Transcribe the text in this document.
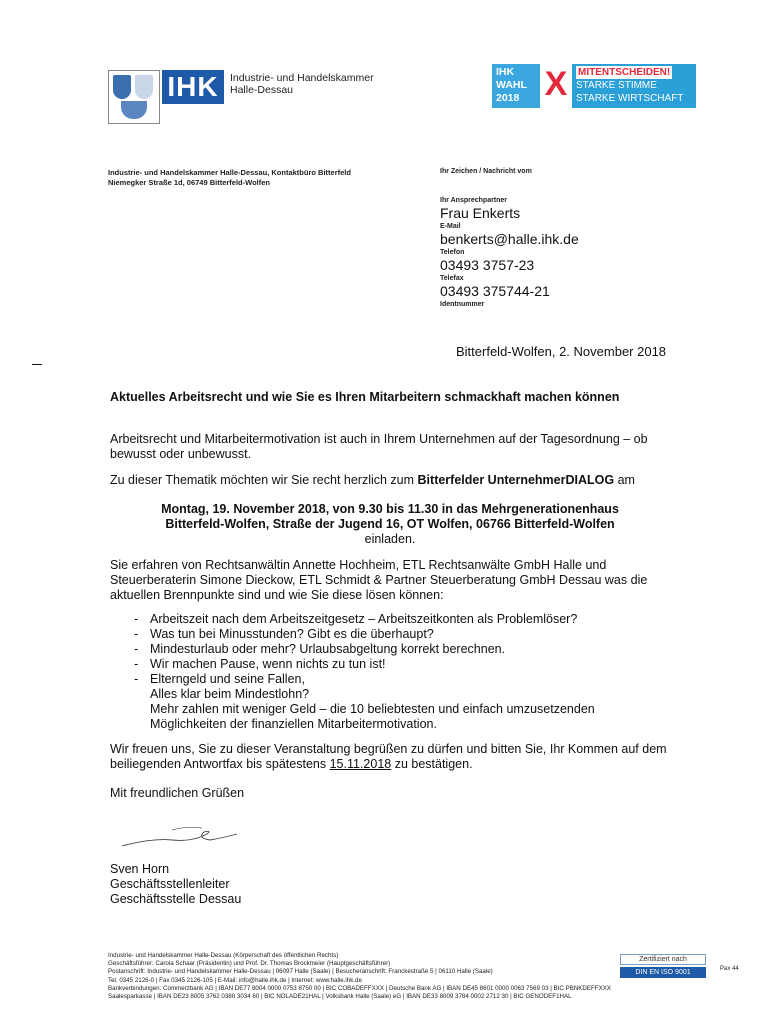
IHK	Industrie- und Handelskammer
Halle-Dessau
IHK
WAHL
2018 X MITENTSCHEIDEN!
STARKE STIMME
STARKE WIRTSCHAFT
Industrie- und Handelskammer Halle-Dessau, Kontaktbüro Bitterfeld
Niemegker Straße 1d, 06749 Bitterfeld-Wolfen
Ihr Zeichen / Nachricht vom
Ihr Ansprechpartner
Frau Enkerts
E-Mail
benkerts@halle.ihk.de
Telefon
03493 3757-23
Telefax
03493 375744-21
Identnummer
Bitterfeld-Wolfen, 2. November 2018
Aktuelles Arbeitsrecht und wie Sie es Ihren Mitarbeitern schmackhaft machen können
Arbeitsrecht und Mitarbeitermotivation ist auch in Ihrem Unternehmen auf der Tagesordnung – ob bewusst oder unbewusst.
Zu dieser Thematik möchten wir Sie recht herzlich zum Bitterfelder UnternehmerDIALOG am
Montag, 19. November 2018, von 9.30 bis 11.30 in das Mehrgenerationenhaus
Bitterfeld-Wolfen, Straße der Jugend 16, OT Wolfen, 06766 Bitterfeld-Wolfen
einladen.
Sie erfahren von Rechtsanwältin Annette Hochheim, ETL Rechtsanwälte GmbH Halle und Steuerberaterin Simone Dieckow, ETL Schmidt & Partner Steuerberatung GmbH Dessau was die aktuellen Brennpunkte sind und wie Sie diese lösen können:
- Arbeitszeit nach dem Arbeitszeitgesetz – Arbeitszeitkonten als Problemlöser?
- Was tun bei Minusstunden? Gibt es die überhaupt?
- Mindesturlaub oder mehr? Urlaubsabgeltung korrekt berechnen.
- Wir machen Pause, wenn nichts zu tun ist!
- Elterngeld und seine Fallen,
Alles klar beim Mindestlohn?
Mehr zahlen mit weniger Geld – die 10 beliebtesten und einfach umzusetzenden Möglichkeiten der finanziellen Mitarbeitermotivation.
Wir freuen uns, Sie zu dieser Veranstaltung begrüßen zu dürfen und bitten Sie, Ihr Kommen auf dem beiliegenden Antwortfax bis spätestens 15.11.2018 zu bestätigen.
Mit freundlichen Grüßen
Sven Horn
Geschäftsstellenleiter
Geschäftsstelle Dessau
Industrie- und Handelskammer Halle-Dessau (Körperschaft des öffentlichen Rechts)
Geschäftsführer: Carola Schaar (Präsidentin) und Prof. Dr. Thomas Brockmeier (Hauptgeschäftsführer)
Postanschrift: Industrie- und Handelskammer Halle-Dessau | 06097 Halle (Saale) | Besucheranschrift: Franckestraße 5 | 06110 Halle (Saale)
Tel. 0345 2126-0 | Fax 0345 2126-105 | E-Mail: info@halle.ihk.de | Internet: www.halle.ihk.de
Bankverbindungen: Commerzbank AG | IBAN DE77 8004 0000 0753 8750 00 | BIC COBADEFFXXX | Deutsche Bank AG | IBAN DE45 8601 0000 0063 7569 03 | BIC PBNKDEFFXXX
Saalesparkasse | IBAN DE23 8005 3762 0380 3034 60 | BIC NOLADE21HAL | Volksbank Halle (Saale) eG | IBAN DE33 8009 3784 0002 2712 30 | BIC GENODEF1HAL
Zertifiziert nach
DIN EN ISO 9001	Pax 44
